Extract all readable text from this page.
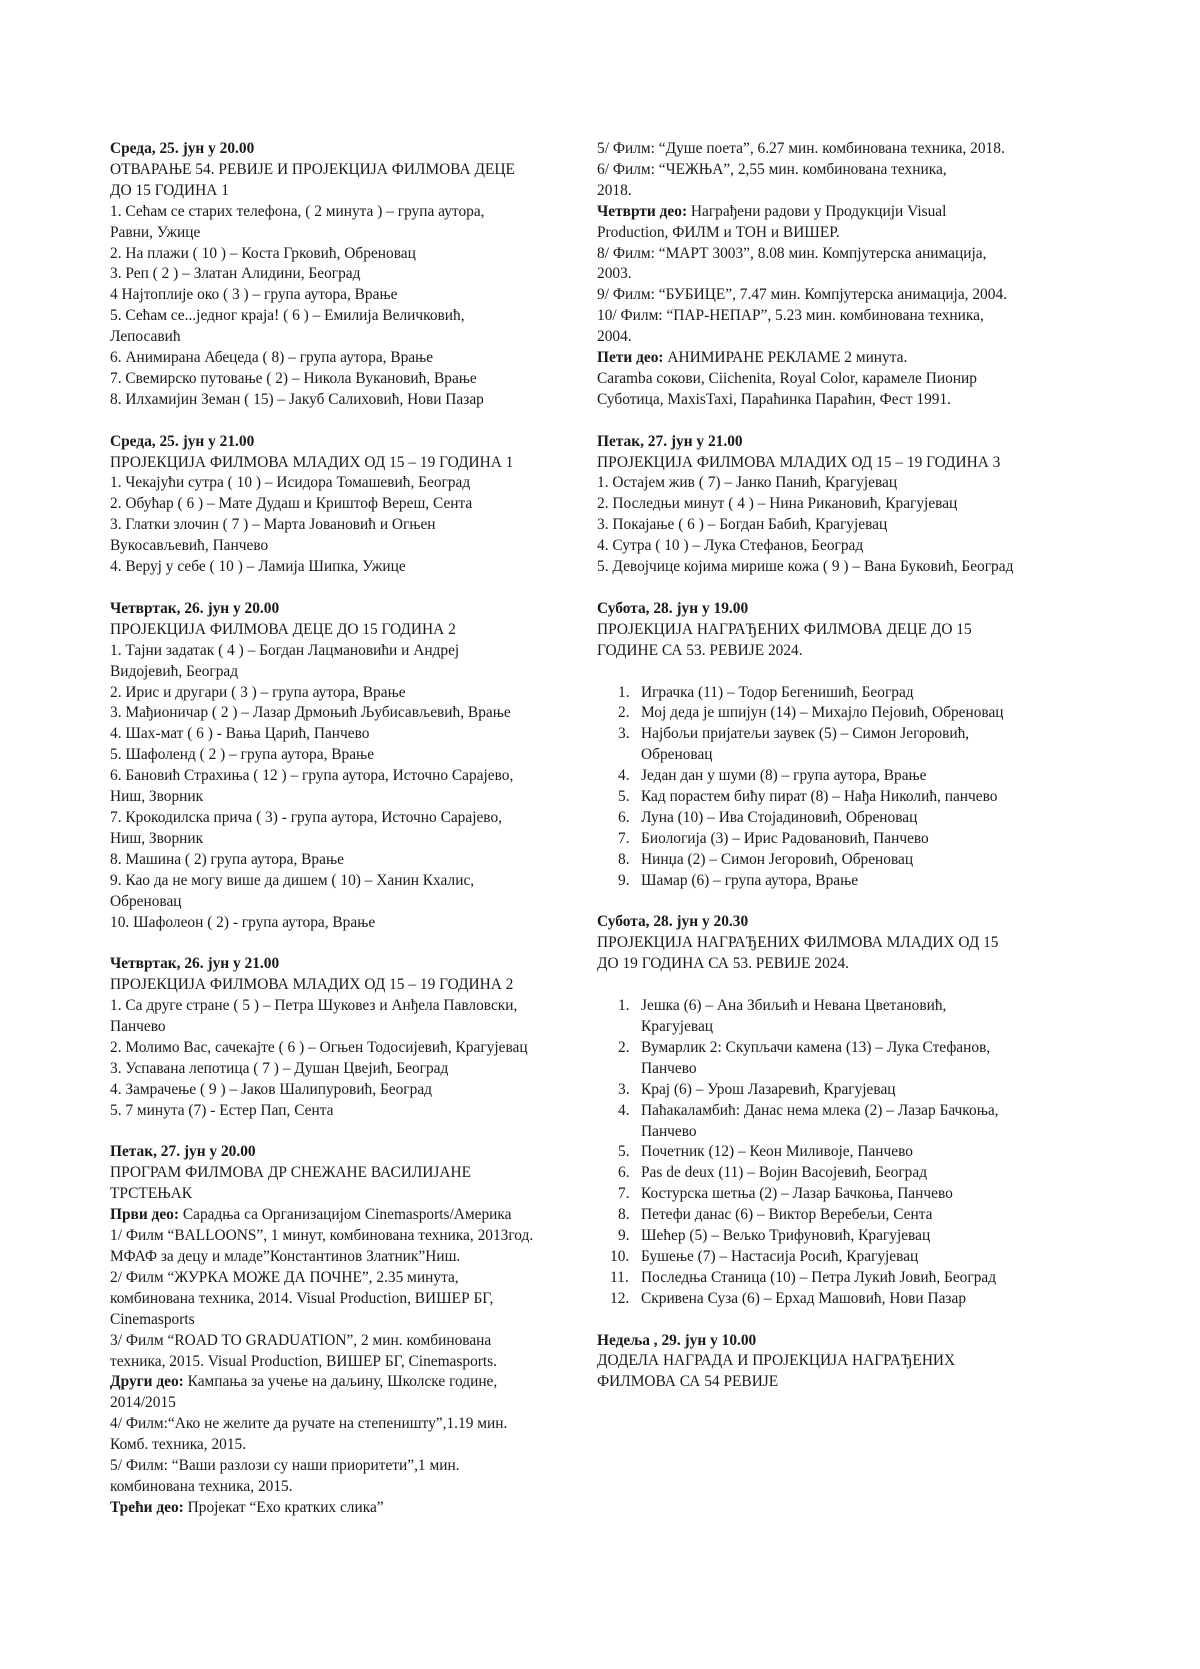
Среда, 25. јун у 20.00
ОТВАРАЊЕ 54. РЕВИЈЕ И ПРОЈЕКЦИЈА ФИЛМОВА ДЕЦЕ
ДО 15 ГОДИНА 1
1. Сећам се старих телефона, ( 2 минута ) – група аутора,
Равни, Ужице
2. На плажи ( 10 ) – Коста Грковић, Обреновац
3. Реп ( 2 ) – Златан Алидини, Београд
4 Најтоплије око ( 3 ) – група аутора, Врање
5. Сећам се...једног краја! ( 6 ) – Емилија Величковић,
Лепосавић
6. Анимирана Абецеда ( 8) – група аутора, Врање
7. Свемирско путовање ( 2) – Никола Вукановић, Врање
8. Илхамијин Земан ( 15) – Јакуб Салиховић, Нови Пазар
Среда, 25. јун у 21.00
ПРОЈЕКЦИЈА ФИЛМОВА МЛАДИХ ОД 15 – 19 ГОДИНА 1
1. Чекајући сутра ( 10 ) – Исидора Томашевић, Београд
2. Обућар ( 6 ) – Мате Дудаш и Криштоф Вереш, Сента
3. Глатки злочин ( 7 ) – Марта Јовановић и Огњен
Вукосављевић, Панчево
4. Веруј у себе ( 10 ) – Ламија Шипка, Ужице
Четвртак, 26. јун у 20.00
ПРОЈЕКЦИЈА ФИЛМОВА ДЕЦЕ ДО 15 ГОДИНА 2
1. Тајни задатак ( 4 ) – Богдан Лацмановићи и Андреј
Видојевић, Београд
2. Ирис и другари ( 3 ) – група аутора, Врање
3. Мађионичар ( 2 ) – Лазар Дрмоњић Љубисављевић, Врање
4. Шах-мат ( 6 ) - Вања Царић, Панчево
5. Шафоленд ( 2 ) – група аутора, Врање
6. Бановић Страхиња ( 12 ) – група аутора, Источно Сарајево,
Ниш, Зворник
7. Крокодилска прича ( 3) - група аутора, Источно Сарајево,
Ниш, Зворник
8. Машина ( 2) група аутора, Врање
9. Као да не могу више да дишем ( 10) – Ханин Кхалис,
Обреновац
10. Шафолеон ( 2) - група аутора, Врање
Четвртак, 26. јун у 21.00
ПРОЈЕКЦИЈА ФИЛМОВА МЛАДИХ ОД 15 – 19 ГОДИНА 2
1. Са друге стране ( 5 ) – Петра Шуковез и Анђела Павловски,
Панчево
2. Молимо Вас, сачекајте ( 6 ) – Огњен Тодосијевић, Крагујевац
3. Успавана лепотица ( 7 ) – Душан Цвејић, Београд
4. Замрачење ( 9 ) – Јаков Шалипуровић, Београд
5. 7 минута (7) - Естер Пап, Сента
Петак, 27. јун у 20.00
ПРОГРАМ ФИЛМОВА ДР СНЕЖАНЕ ВАСИЛИЈАНЕ
ТРСТЕЊАК
Први део: Сарадња са Организацијом Cinemasports/Америка
1/ Филм “BALLOONS”, 1 минут, комбинована техника, 2013год.
МФАФ за децу и младе”Константинов Златник”Ниш.
2/ Филм “ЖУРКА МОЖЕ ДА ПОЧНЕ”, 2.35 минута,
комбинована техника, 2014. Visual Production, ВИШЕР БГ,
Cinemasports
3/ Филм “ROAD TO GRADUATION”, 2 мин. комбинована
техника, 2015. Visual Production, ВИШЕР БГ, Cinemasports.
Други део: Кампања за учење на даљину, Школске године,
2014/2015
4/ Филм:“Ако не желите да ручате на степеништу”,1.19 мин.
Комб. техника, 2015.
5/ Филм: “Ваши разлози су наши приоритети”,1 мин.
комбинована техника, 2015.
Трећи део: Пројекат “Ехо кратких слика”
5/ Филм: “Душе поета”, 6.27 мин. комбинована техника, 2018.
6/ Филм: “ЧЕЖЊА”, 2,55 мин. комбинована техника,
2018.
Четврти део: Награђени радови у Продукцији Visual
Production, ФИЛМ и ТОН и ВИШЕР.
8/ Филм: “МАРТ 3003”, 8.08 мин. Компјутерска анимација,
2003.
9/ Филм: “БУБИЦЕ”, 7.47 мин. Компјутерска анимација, 2004.
10/ Филм: “ПАР-НЕПАР”, 5.23 мин. комбинована техника,
2004.
Пети део: АНИМИРАНЕ РЕКЛАМЕ 2 минута.
Caramba сокови, Ciichenita, Royal Color, карамеле Пионир
Суботица, MaxisTaxi, Параћинка Параћин, Фест 1991.
Петак, 27. јун у 21.00
ПРОЈЕКЦИЈА ФИЛМОВА МЛАДИХ ОД 15 – 19 ГОДИНА 3
1. Остајем жив ( 7) – Јанко Панић, Крагујевац
2. Последњи минут ( 4 ) – Нина Рикановић, Крагујевац
3. Покајање ( 6 ) – Богдан Бабић, Крагујевац
4. Сутра ( 10 ) – Лука Стефанов, Београд
5. Девојчице којима мирише кожа ( 9 ) – Вана Буковић, Београд
Субота, 28. јун у 19.00
ПРОЈЕКЦИЈА НАГРАЂЕНИХ ФИЛМОВА ДЕЦЕ ДО 15
ГОДИНЕ СА 53. РЕВИЈЕ 2024.
1. Играчка (11) – Тодор Бегенишић, Београд
2. Мој деда је шпијун (14) – Михајло Пејовић, Обреновац
3. Најбољи пријатељи заувек (5) – Симон Јегоровић,
Обреновац
4. Један дан у шуми (8) – група аутора, Врање
5. Кад порастем бићу пират (8) – Нађа Николић, панчево
6. Луна (10) – Ива Стојадиновић, Обреновац
7. Биологија (3) – Ирис Радовановић, Панчево
8. Нинџа (2) – Симон Јегоровић, Обреновац
9. Шамар (6) – група аутора, Врање
Субота, 28. јун у 20.30
ПРОЈЕКЦИЈА НАГРАЂЕНИХ ФИЛМОВА МЛАДИХ ОД 15
ДО 19 ГОДИНА СА 53. РЕВИЈЕ 2024.
1. Јешка (6) – Ана Збиљић и Невана Цветановић,
Крагујевац
2. Вумарлик 2: Скупљачи камена (13) – Лука Стефанов,
Панчево
3. Крај (6) – Урош Лазаревић, Крагујевац
4. Паћакаламбић: Данас нема млека (2) – Лазар Бачкоња,
Панчево
5. Почетник (12) – Кеон Миливоје, Панчево
6. Pas de deux (11) – Војин Васојевић, Београд
7. Костурска шетња (2) – Лазар Бачкоња, Панчево
8. Петефи данас (6) – Виктор Веребељи, Сента
9. Шећер (5) – Вељко Трифуновић, Крагујевац
10. Бушење (7) – Настасија Росић, Крагујевац
11. Последња Станица (10) – Петра Лукић Јовић, Београд
12. Скривена Суза (6) – Ерхад Машовић, Нови Пазар
Недеља , 29. јун у 10.00
ДОДЕЛА НАГРАДА И ПРОЈЕКЦИЈА НАГРАЂЕНИХ
ФИЛМОВА СА 54 РЕВИЈЕ
